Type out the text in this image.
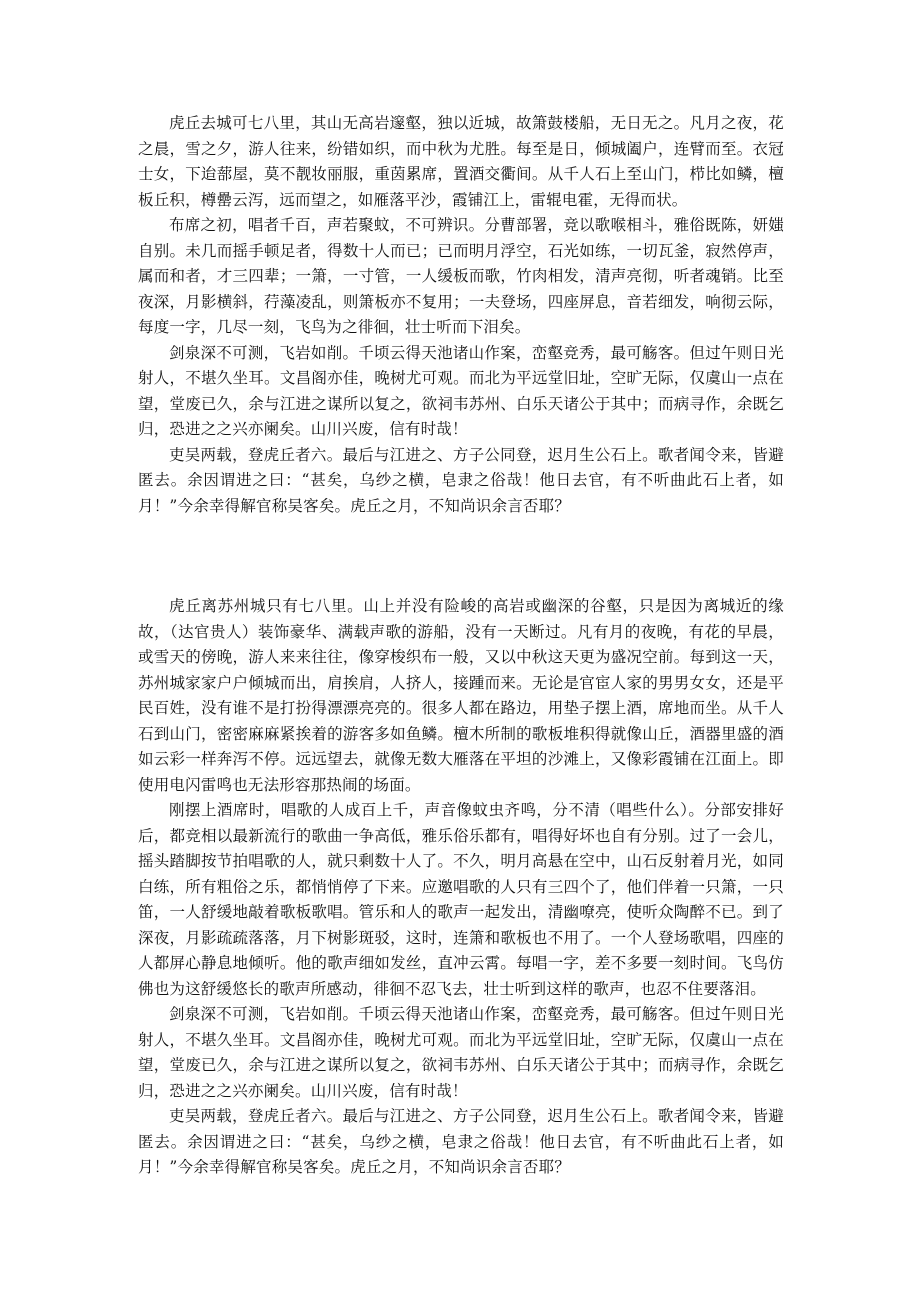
虎丘去城可七八里，其山无高岩邃壑，独以近城，故箫鼓楼船，无日无之。凡月之夜，花之晨，雪之夕，游人往来，纷错如织，而中秋为尤胜。每至是日，倾城阖户，连臂而至。衣冠士女，下迨蔀屋，莫不靓妆丽服，重茵累席，置酒交衢间。从千人石上至山门，栉比如鳞，檀板丘积，樽罍云泻，远而望之，如雁落平沙，霞铺江上，雷辊电霍，无得而状。

布席之初，唱者千百，声若聚蚊，不可辨识。分曹部署，竞以歌喉相斗，雅俗既陈，妍媸自别。未几而摇手顿足者，得数十人而已；已而明月浮空，石光如练，一切瓦釜，寂然停声，属而和者，才三四辈；一箫，一寸管，一人缓板而歌，竹肉相发，清声亮彻，听者魂销。比至夜深，月影横斜，荇藻凌乱，则箫板亦不复用；一夫登场，四座屏息，音若细发，响彻云际，每度一字，几尽一刻，飞鸟为之徘徊，壮士听而下泪矣。

剑泉深不可测，飞岩如削。千顷云得天池诸山作案，峦壑竞秀，最可觞客。但过午则日光射人，不堪久坐耳。文昌阁亦佳，晚树尤可观。而北为平远堂旧址，空旷无际，仅虞山一点在望，堂废已久，余与江进之谋所以复之，欲祠韦苏州、白乐天诸公于其中；而病寻作，余既乞归，恐进之之兴亦阑矣。山川兴废，信有时哉！

吏吴两载，登虎丘者六。最后与江进之、方子公同登，迟月生公石上。歌者闻令来，皆避匿去。余因谓进之曰：“甚矣，乌纱之横，皂隶之俗哉！他日去官，有不听曲此石上者，如月！”今余幸得解官称吴客矣。虎丘之月，不知尚识余言否耶？

虎丘离苏州城只有七八里。山上并没有险峻的高岩或幽深的谷壑，只是因为离城近的缘故，（达官贵人）装饰豪华、满载声歌的游船，没有一天断过。凡有月的夜晚，有花的早晨，或雪天的傍晚，游人来来往往，像穿梭织布一般，又以中秋这天更为盛况空前。每到这一天，苏州城家家户户倾城而出，肩挨肩，人挤人，接踵而来。无论是官宦人家的男男女女，还是平民百姓，没有谁不是打扮得漂漂亮亮的。很多人都在路边，用垫子摆上酒，席地而坐。从千人石到山门，密密麻麻紧挨着的游客多如鱼鳞。檀木所制的歌板堆积得就像山丘，酒器里盛的酒如云彩一样奔泻不停。远远望去，就像无数大雁落在平坦的沙滩上，又像彩霞铺在江面上。即使用电闪雷鸣也无法形容那热闹的场面。

刚摆上酒席时，唱歌的人成百上千，声音像蚊虫齐鸣，分不清（唱些什么）。分部安排好后，都竞相以最新流行的歌曲一争高低，雅乐俗乐都有，唱得好坏也自有分别。过了一会儿，摇头踏脚按节拍唱歌的人，就只剩数十人了。不久，明月高悬在空中，山石反射着月光，如同白练，所有粗俗之乐，都悄悄停了下来。应邀唱歌的人只有三四个了，他们伴着一只箫，一只笛，一人舒缓地敲着歌板歌唱。管乐和人的歌声一起发出，清幽嘹亮，使听众陶醉不已。到了深夜，月影疏疏落落，月下树影斑驳，这时，连箫和歌板也不用了。一个人登场歌唱，四座的人都屏心静息地倾听。他的歌声细如发丝，直冲云霄。每唱一字，差不多要一刻时间。飞鸟仿佛也为这舒缓悠长的歌声所感动，徘徊不忍飞去，壮士听到这样的歌声，也忍不住要落泪。

剑泉深不可测，飞岩如削。千顷云得天池诸山作案，峦壑竞秀，最可觞客。但过午则日光射人，不堪久坐耳。文昌阁亦佳，晚树尤可观。而北为平远堂旧址，空旷无际，仅虞山一点在望，堂废已久，余与江进之谋所以复之，欲祠韦苏州、白乐天诸公于其中；而病寻作，余既乞归，恐进之之兴亦阑矣。山川兴废，信有时哉！

吏吴两载，登虎丘者六。最后与江进之、方子公同登，迟月生公石上。歌者闻令来，皆避匿去。余因谓进之曰：“甚矣，乌纱之横，皂隶之俗哉！他日去官，有不听曲此石上者，如月！”今余幸得解官称吴客矣。虎丘之月，不知尚识余言否耶？
